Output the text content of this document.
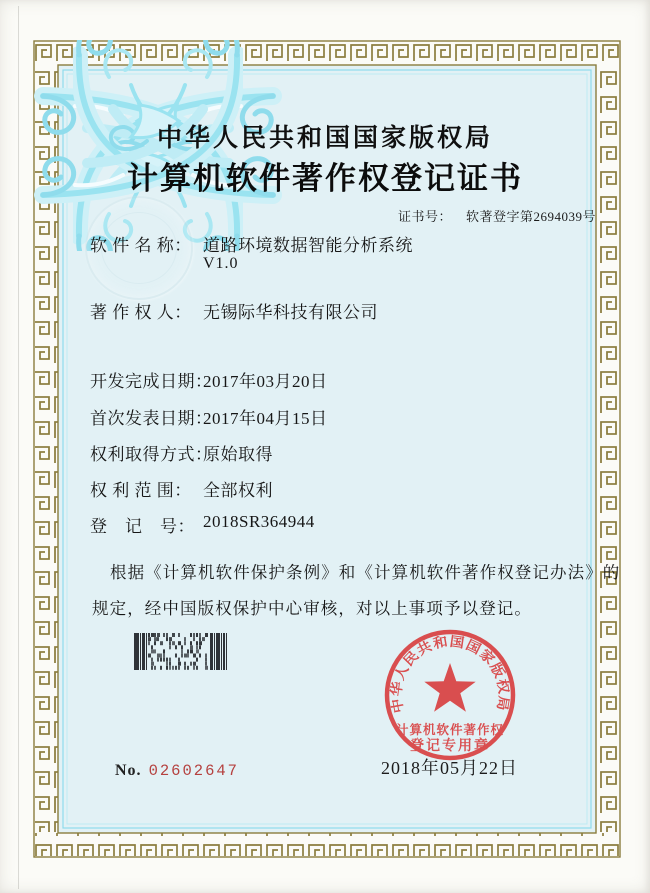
中华人民共和国国家版权局
计算机软件著作权登记证书
证书号： 软著登字第2694039号
软 件 名 称： 道路环境数据智能分析系统
V1.0
著 作 权 人： 无锡际华科技有限公司
开发完成日期：
2017年03月20日
首次发表日期：
2017年04月15日
权利取得方式：
原始取得
权 利 范 围： 全部权利
登　记　号： 2018SR364944
根据《计算机软件保护条例》和《计算机软件著作权登记办法》的
规定，经中国版权保护中心审核，对以上事项予以登记。
中华人民共和国国家版权局
计算机软件著作权
登记专用章
2018年05月22日
No. 02602647
